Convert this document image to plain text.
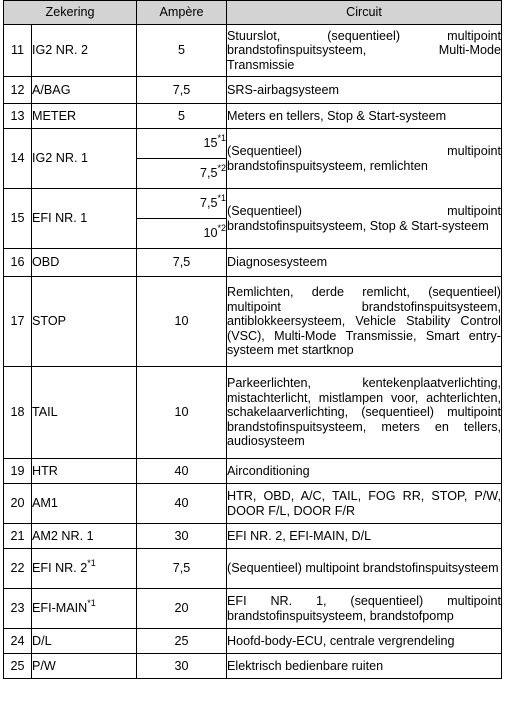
Zekering		Ampère	Circuit
11	IG2 NR. 2	5	Stuurslot, (sequentieel) multipoint brandstofinspuitsysteem, Multi-Mode Transmissie
12	A/BAG	7,5	SRS-airbagsysteem
13	METER	5	Meters en tellers, Stop & Start-systeem
14	IG2 NR. 1	15$^{*1}$	(Sequentieel) multipoint brandstofinspuitsysteem, remlichten
		7,5$^{*2}$
15	EFI NR. 1	7,5$^{*1}$	(Sequentieel) multipoint brandstofinspuitsysteem, Stop & Start-systeem
		10$^{*2}$
16	OBD	7,5	Diagnosesysteem
17	STOP	10	Remlichten, derde remlicht, (sequentieel) multipoint brandstofinspuitsysteem, antiblokkeersysteem, Vehicle Stability Control (VSC), Multi-Mode Transmissie, Smart entry-systeem met startknop
18	TAIL	10	Parkeerlichten, kentekenplaatverlichting, mistachterlicht, mistlampen voor, achterlichten, schakelaarverlichting, (sequentieel) multipoint brandstofinspuitsysteem, meters en tellers, audiosysteem
19	HTR	40	Airconditioning
20	AM1	40	HTR, OBD, A/C, TAIL, FOG RR, STOP, P/W, DOOR F/L, DOOR F/R
21	AM2 NR. 1	30	EFI NR. 2, EFI-MAIN, D/L
22	EFI NR. 2$^{*1}$	7,5	(Sequentieel) multipoint brandstofinspuitsysteem
23	EFI-MAIN$^{*1}$	20	EFI NR. 1, (sequentieel) multipoint brandstofinspuitsysteem, brandstofpomp
24	D/L	25	Hoofd-body-ECU, centrale vergrendeling
25	P/W	30	Elektrisch bedienbare ruiten
